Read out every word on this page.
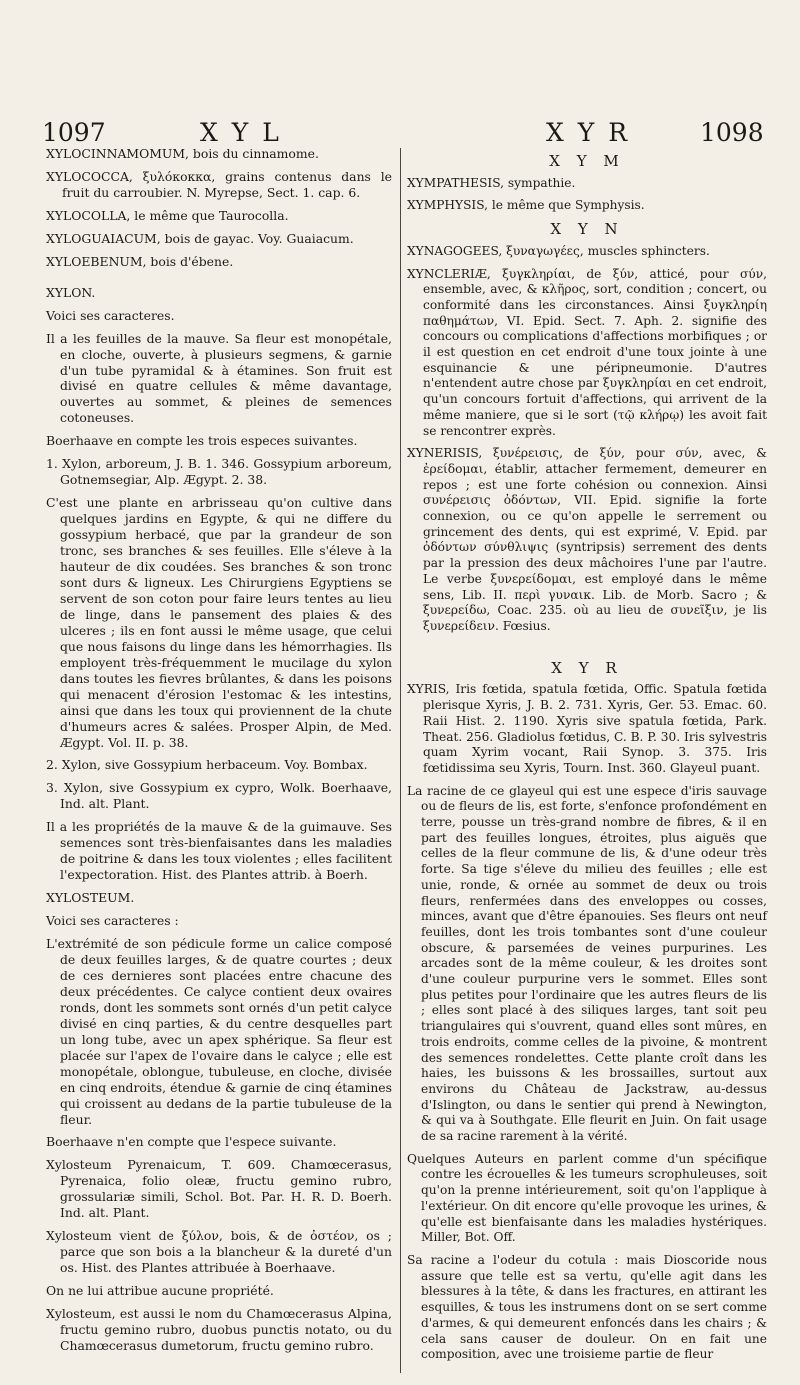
1097	X Y L	X Y R	1098

XYLOCINNAMOMUM, bois du cinnamome.

XYLOCOCCA, ξυλόκοκκα, grains contenus dans le fruit du carroubier. N. Myrepse, Sect. 1. cap. 6.

XYLOCOLLA, le même que Taurocolla.

XYLOGUAIACUM, bois de gayac. Voy. Guaiacum.

XYLOEBENUM, bois d'ébene.

XYLON.

Voici ses caracteres.

Il a les feuilles de la mauve. Sa fleur est monopétale, en cloche, ouverte, à plusieurs segmens, & garnie d'un tube pyramidal & à étamines. Son fruit est divisé en quatre cellules & même davantage, ouvertes au sommet, & pleines de semences cotoneuses.

Boerhaave en compte les trois especes suivantes.

1. Xylon, arboreum, J. B. 1. 346. Gossypium arboreum, Gotnemsegiar, Alp. Ægypt. 2. 38.

C'est une plante en arbrisseau qu'on cultive dans quelques jardins en Egypte, & qui ne differe du gossypium herbacé, que par la grandeur de son tronc, ses branches & ses feuilles. Elle s'éleve à la hauteur de dix coudées. Ses branches & son tronc sont durs & ligneux. Les Chirurgiens Egyptiens se servent de son coton pour faire leurs tentes au lieu de linge, dans le pansement des plaies & des ulceres ; ils en font aussi le même usage, que celui que nous faisons du linge dans les hémorrhagies. Ils employent très-fréquemment le mucilage du xylon dans toutes les fievres brûlantes, & dans les poisons qui menacent d'érosion l'estomac & les intestins, ainsi que dans les toux qui proviennent de la chute d'humeurs acres & salées. Prosper Alpin, de Med. Ægypt. Vol. II. p. 38.

2. Xylon, sive Gossypium herbaceum. Voy. Bombax.

3. Xylon, sive Gossypium ex cypro, Wolk. Boerhaave, Ind. alt. Plant.

Il a les propriétés de la mauve & de la guimauve. Ses semences sont très-bienfaisantes dans les maladies de poitrine & dans les toux violentes ; elles facilitent l'expectoration. Hist. des Plantes attrib. à Boerh.

XYLOSTEUM.

Voici ses caracteres :

L'extrémité de son pédicule forme un calice composé de deux feuilles larges, & de quatre courtes ; deux de ces dernieres sont placées entre chacune des deux précédentes. Ce calyce contient deux ovaires ronds, dont les sommets sont ornés d'un petit calyce divisé en cinq parties, & du centre desquelles part un long tube, avec un apex sphérique. Sa fleur est placée sur l'apex de l'ovaire dans le calyce ; elle est monopétale, oblongue, tubuleuse, en cloche, divisée en cinq endroits, étendue & garnie de cinq étamines qui croissent au dedans de la partie tubuleuse de la fleur.

Boerhaave n'en compte que l'espece suivante.

Xylosteum Pyrenaicum, T. 609. Chamœcerasus, Pyrenaica, folio oleæ, fructu gemino rubro, grossulariæ simili, Schol. Bot. Par. H. R. D. Boerh. Ind. alt. Plant.

Xylosteum vient de ξύλον, bois, & de ὀστέον, os ; parce que son bois a la blancheur & la dureté d'un os. Hist. des Plantes attribuée à Boerhaave.

On ne lui attribue aucune propriété.

Xylosteum, est aussi le nom du Chamœcerasus Alpina, fructu gemino rubro, duobus punctis notato, ou du Chamœcerasus dumetorum, fructu gemino rubro.

X Y M

XYMPATHESIS, sympathie.

XYMPHYSIS, le même que Symphysis.

X Y N

XYNAGOGEES, ξυναγωγέες, muscles sphincters.

XYNCLERIÆ, ξυγκληρίαι, de ξύν, atticé, pour σύν, ensemble, avec, & κλῆρος, sort, condition ; concert, ou conformité dans les circonstances. Ainsi ξυγκληρίη παθημάτων, VI. Epid. Sect. 7. Aph. 2. signifie des concours ou complications d'affections morbifiques ; or il est question en cet endroit d'une toux jointe à une esquinancie & une péripneumonie. D'autres n'entendent autre chose par ξυγκληρίαι en cet endroit, qu'un concours fortuit d'affections, qui arrivent de la même maniere, que si le sort (τῷ κλήρῳ) les avoit fait se rencontrer exprès.

XYNERISIS, ξυνέρεισις, de ξύν, pour σύν, avec, & ἐρείδομαι, établir, attacher fermement, demeurer en repos ; est une forte cohésion ou connexion. Ainsi συνέρεισις ὀδόντων, VII. Epid. signifie la forte connexion, ou ce qu'on appelle le serrement ou grincement des dents, qui est exprimé, V. Epid. par ὀδόντων σύνθλιψις (syntripsis) serrement des dents par la pression des deux mâchoires l'une par l'autre. Le verbe ξυνερείδομαι, est employé dans le même sens, Lib. II. περὶ γυναικ. Lib. de Morb. Sacro ; & ξυνερείδω, Coac. 235. où au lieu de συνεῖξιν, je lis ξυνερείδειν. Fœsius.

X Y R

XYRIS, Iris fœtida, spatula fœtida, Offic. Spatula fœtida plerisque Xyris, J. B. 2. 731. Xyris, Ger. 53. Emac. 60. Raii Hist. 2. 1190. Xyris sive spatula fœtida, Park. Theat. 256. Gladiolus fœtidus, C. B. P. 30. Iris sylvestris quam Xyrim vocant, Raii Synop. 3. 375. Iris fœtidissima seu Xyris, Tourn. Inst. 360. Glayeul puant.

La racine de ce glayeul qui est une espece d'iris sauvage ou de fleurs de lis, est forte, s'enfonce profondément en terre, pousse un très-grand nombre de fibres, & il en part des feuilles longues, étroites, plus aiguës que celles de la fleur commune de lis, & d'une odeur très forte. Sa tige s'éleve du milieu des feuilles ; elle est unie, ronde, & ornée au sommet de deux ou trois fleurs, renfermées dans des enveloppes ou cosses, minces, avant que d'être épanouies. Ses fleurs ont neuf feuilles, dont les trois tombantes sont d'une couleur obscure, & parsemées de veines purpurines. Les arcades sont de la même couleur, & les droites sont d'une couleur purpurine vers le sommet. Elles sont plus petites pour l'ordinaire que les autres fleurs de lis ; elles sont placé à des siliques larges, tant soit peu triangulaires qui s'ouvrent, quand elles sont mûres, en trois endroits, comme celles de la pivoine, & montrent des semences rondelettes. Cette plante croît dans les haies, les buissons & les brossailles, surtout aux environs du Château de Jackstraw, au-dessus d'Islington, ou dans le sentier qui prend à Newington, & qui va à Southgate. Elle fleurit en Juin. On fait usage de sa racine rarement à la vérité.

Quelques Auteurs en parlent comme d'un spécifique contre les écrouelles & les tumeurs scrophuleuses, soit qu'on la prenne intérieurement, soit qu'on l'applique à l'extérieur. On dit encore qu'elle provoque les urines, & qu'elle est bienfaisante dans les maladies hystériques. Miller, Bot. Off.

Sa racine a l'odeur du cotula : mais Dioscoride nous assure que telle est sa vertu, qu'elle agit dans les blessures à la tête, & dans les fractures, en attirant les esquilles, & tous les instrumens dont on se sert comme d'armes, & qui demeurent enfoncés dans les chairs ; & cela sans causer de douleur. On en fait une composition, avec une troisieme partie de fleur
